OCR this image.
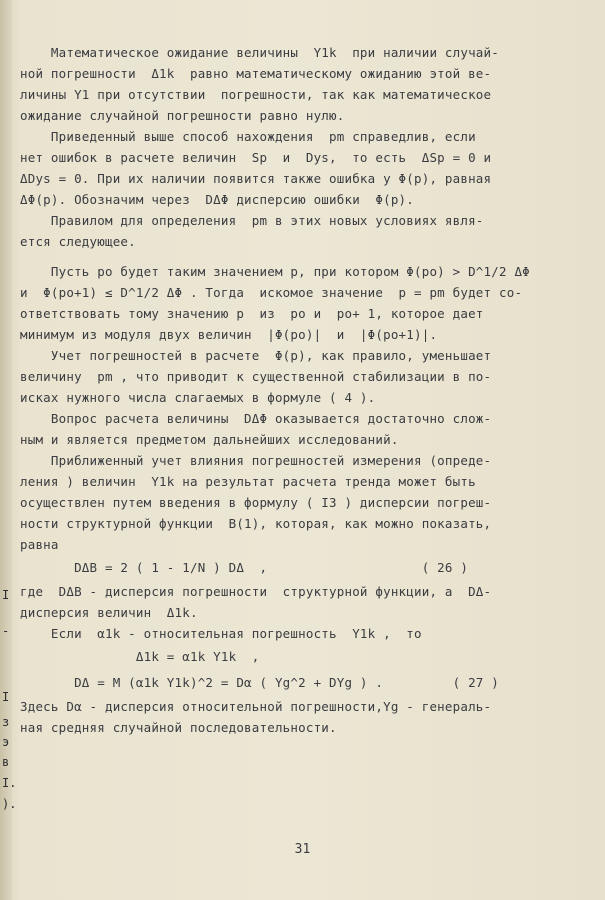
Математическое ожидание величины  Y1k  при наличии случай-
ной погрешности  Δ1k  равно математическому ожиданию этой ве-
личины Y1 при отсутствии  погрешности, так как математическое
ожидание случайной погрешности равно нулю.
Приведенный выше способ нахождения  pm справедлив, если
нет ошибок в расчете величин  Sp  и  Dys,  то есть  ΔSp = 0 и
ΔDys = 0. При их наличии появится также ошибка у Φ(p), равная
ΔΦ(p). Обозначим через  DΔΦ дисперсию ошибки  Φ(p).
Правилом для определения  pm в этих новых условиях явля-
ется следующее.
Пусть po будет таким значением p, при котором Φ(po) > D^1/2 ΔΦ
и  Φ(po+1) ≤ D^1/2 ΔΦ . Тогда  искомое значение  p = pm будет со-
ответствовать тому значению p  из  po и  po+ 1, которое дает
минимум из модуля двух величин  |Φ(po)|  и  |Φ(po+1)|.
Учет погрешностей в расчете  Φ(p), как правило, уменьшает
величину  pm , что приводит к существенной стабилизации в по-
исках нужного числа слагаемых в формуле ( 4 ).
Вопрос расчета величины  DΔΦ оказывается достаточно слож-
ным и является предметом дальнейших исследований.
Приближенный учет влияния погрешностей измерения (опреде-
ления ) величин  Y1k на результат расчета тренда может быть
осуществлен путем введения в формулу ( I3 ) дисперсии погреш-
ности структурной функции  B(1), которая, как можно показать,
равна
DΔB = 2 ( 1 - 1/N ) DΔ  ,                    ( 26 )
где  DΔB - дисперсия погрешности  структурной функции, а  DΔ-
дисперсия величин  Δ1k.
Если  α1k - относительная погрешность  Y1k ,  то
Δ1k = α1k Y1k  ,
DΔ = M (α1k Y1k)^2 = Dα ( Yg^2 + DYg ) .         ( 27 )
Здесь Dα - дисперсия относительной погрешности,Yg - генераль-
ная средняя случайной последовательности.
I
-
I
з
э
в
I.
).
31
